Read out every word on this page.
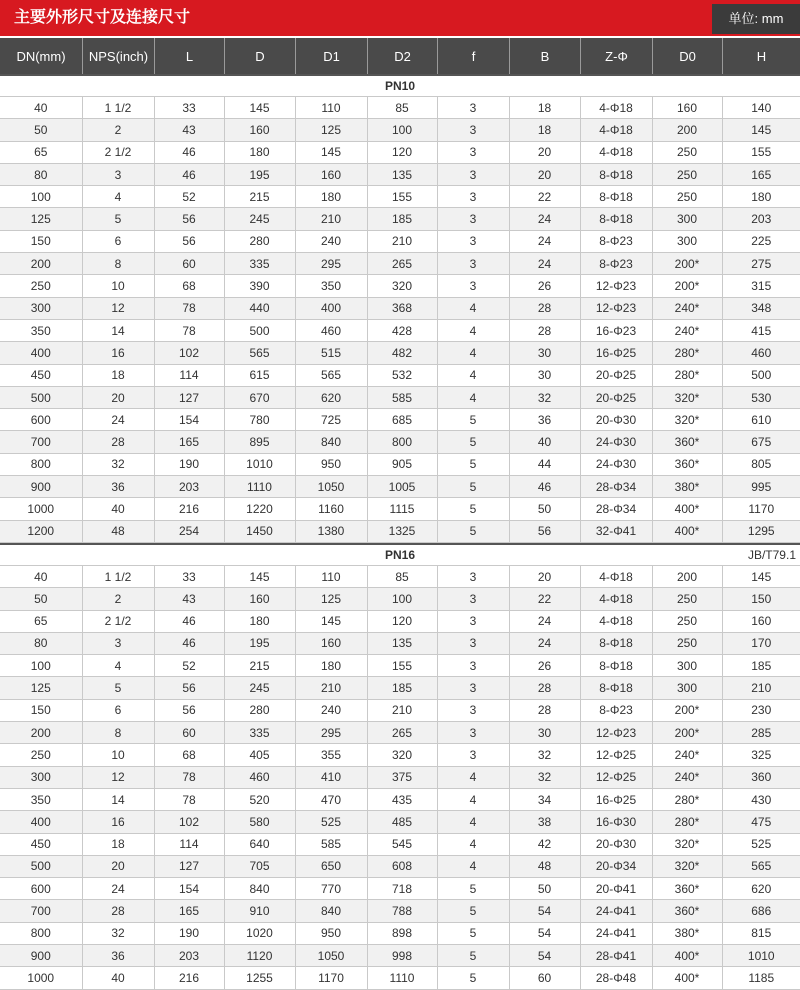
主要外形尺寸及连接尺寸	单位: mm
DN(mm)	NPS(inch)	L	D	D1	D2	f	B	Z-Φ	D0	H
PN10
40	1 1/2	33	145	110	85	3	18	4-Φ18	160	140
50	2	43	160	125	100	3	18	4-Φ18	200	145
65	2 1/2	46	180	145	120	3	20	4-Φ18	250	155
80	3	46	195	160	135	3	20	8-Φ18	250	165
100	4	52	215	180	155	3	22	8-Φ18	250	180
125	5	56	245	210	185	3	24	8-Φ18	300	203
150	6	56	280	240	210	3	24	8-Φ23	300	225
200	8	60	335	295	265	3	24	8-Φ23	200*	275
250	10	68	390	350	320	3	26	12-Φ23	200*	315
300	12	78	440	400	368	4	28	12-Φ23	240*	348
350	14	78	500	460	428	4	28	16-Φ23	240*	415
400	16	102	565	515	482	4	30	16-Φ25	280*	460
450	18	114	615	565	532	4	30	20-Φ25	280*	500
500	20	127	670	620	585	4	32	20-Φ25	320*	530
600	24	154	780	725	685	5	36	20-Φ30	320*	610
700	28	165	895	840	800	5	40	24-Φ30	360*	675
800	32	190	1010	950	905	5	44	24-Φ30	360*	805
900	36	203	1110	1050	1005	5	46	28-Φ34	380*	995
1000	40	216	1220	1160	1115	5	50	28-Φ34	400*	1170
1200	48	254	1450	1380	1325	5	56	32-Φ41	400*	1295
PN16	JB/T79.1
40	1 1/2	33	145	110	85	3	20	4-Φ18	200	145
50	2	43	160	125	100	3	22	4-Φ18	250	150
65	2 1/2	46	180	145	120	3	24	4-Φ18	250	160
80	3	46	195	160	135	3	24	8-Φ18	250	170
100	4	52	215	180	155	3	26	8-Φ18	300	185
125	5	56	245	210	185	3	28	8-Φ18	300	210
150	6	56	280	240	210	3	28	8-Φ23	200*	230
200	8	60	335	295	265	3	30	12-Φ23	200*	285
250	10	68	405	355	320	3	32	12-Φ25	240*	325
300	12	78	460	410	375	4	32	12-Φ25	240*	360
350	14	78	520	470	435	4	34	16-Φ25	280*	430
400	16	102	580	525	485	4	38	16-Φ30	280*	475
450	18	114	640	585	545	4	42	20-Φ30	320*	525
500	20	127	705	650	608	4	48	20-Φ34	320*	565
600	24	154	840	770	718	5	50	20-Φ41	360*	620
700	28	165	910	840	788	5	54	24-Φ41	360*	686
800	32	190	1020	950	898	5	54	24-Φ41	380*	815
900	36	203	1120	1050	998	5	54	28-Φ41	400*	1010
1000	40	216	1255	1170	1110	5	60	28-Φ48	400*	1185
